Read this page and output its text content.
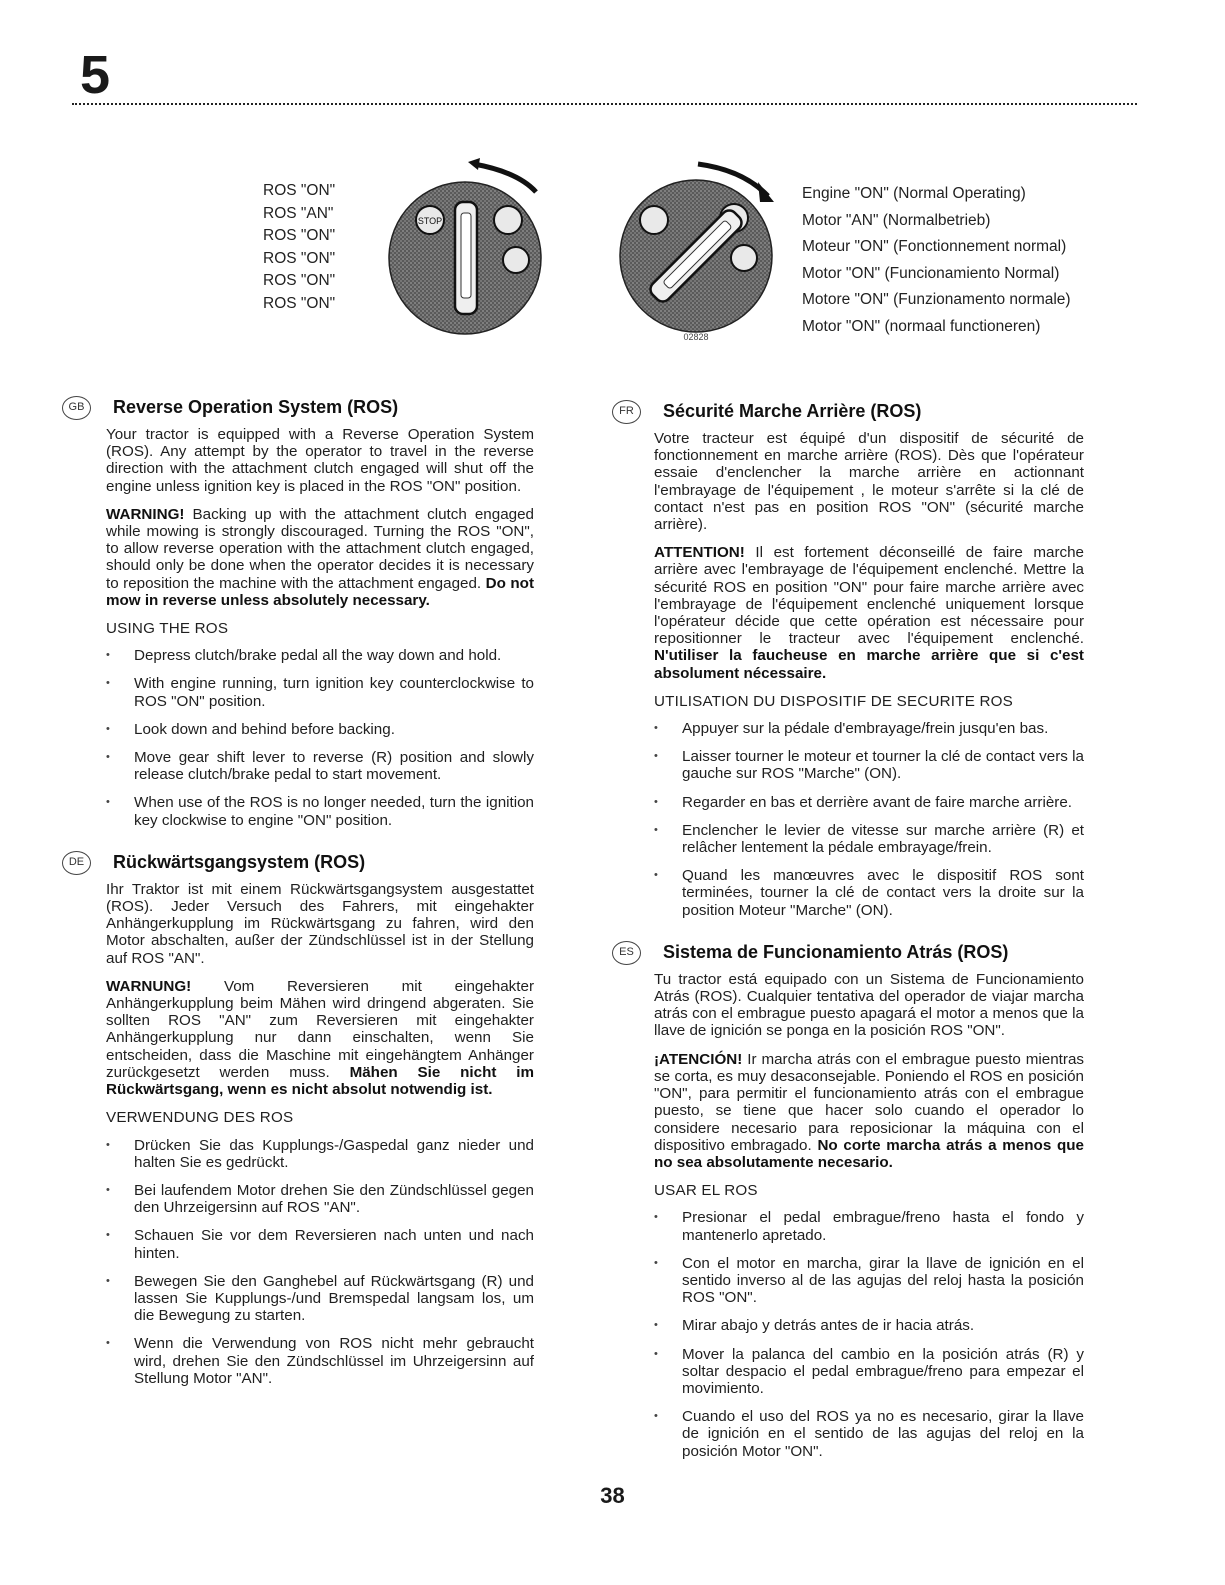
5
ROS "ON"
ROS "AN"
ROS "ON"
ROS "ON"
ROS "ON"
ROS "ON"
STOP
02828
Engine "ON" (Normal Operating)
Motor "AN" (Normalbetrieb)
Moteur "ON" (Fonctionnement normal)
Motor "ON" (Funcionamiento Normal)
Motore "ON" (Funzionamento normale)
Motor "ON" (normaal functioneren)
GB	Reverse Operation System (ROS)

Your tractor is equipped with a Reverse Operation System (ROS). Any attempt by the operator to travel in the reverse direction with the attachment clutch engaged will shut off the engine unless ignition key is placed in the ROS "ON" position.

WARNING! Backing up with the attachment clutch engaged while mowing is strongly discouraged. Turning the ROS "ON", to allow reverse operation with the attachment clutch engaged, should only be done when the operator decides it is necessary to reposition the machine with the attachment engaged. Do not mow in reverse unless absolutely necessary.

USING THE ROS
• Depress clutch/brake pedal all the way down and hold.
• With engine running, turn ignition key counterclockwise to ROS "ON" position.
• Look down and behind before backing.
• Move gear shift lever to reverse (R) position and slowly release clutch/brake pedal to start movement.
• When use of the ROS is no longer needed, turn the ignition key clockwise to engine "ON" position.
DE	Rückwärtsgangsystem (ROS)

Ihr Traktor ist mit einem Rückwärtsgangsystem ausgestattet (ROS). Jeder Versuch des Fahrers, mit eingehakter Anhängerkupplung im Rückwärtsgang zu fahren, wird den Motor abschalten, außer der Zündschlüssel ist in der Stellung auf ROS "AN".

WARNUNG! Vom Reversieren mit eingehakter Anhängerkupplung beim Mähen wird dringend abgeraten. Sie sollten ROS "AN" zum Reversieren mit eingehakter Anhängerkupplung nur dann einschalten, wenn Sie entscheiden, dass die Maschine mit eingehängtem Anhänger zurückgesetzt werden muss. Mähen Sie nicht im Rückwärtsgang, wenn es nicht absolut notwendig ist.

VERWENDUNG DES ROS
• Drücken Sie das Kupplungs-/Gaspedal ganz nieder und halten Sie es gedrückt.
• Bei laufendem Motor drehen Sie den Zündschlüssel gegen den Uhrzeigersinn auf ROS "AN".
• Schauen Sie vor dem Reversieren nach unten und nach hinten.
• Bewegen Sie den Ganghebel auf Rückwärtsgang (R) und lassen Sie Kupplungs-/und Bremspedal langsam los, um die Bewegung zu starten.
• Wenn die Verwendung von ROS nicht mehr gebraucht wird, drehen Sie den Zündschlüssel im Uhrzeigersinn auf Stellung Motor "AN".
FR	Sécurité Marche Arrière (ROS)

Votre tracteur est équipé d'un dispositif de sécurité de fonctionnement en marche arrière (ROS). Dès que l'opérateur essaie d'enclencher la marche arrière en actionnant l'embrayage de l'équipement , le moteur s'arrête si la clé de contact n'est pas en position ROS "ON" (sécurité marche arrière).

ATTENTION! Il est fortement déconseillé de faire marche arrière avec l'embrayage de l'équipement enclenché. Mettre la sécurité ROS en position "ON" pour faire marche arrière avec l'embrayage de l'équipement enclenché uniquement lorsque l'opérateur décide que cette opération est nécessaire pour repositionner le tracteur avec l'équipement enclenché. N'utiliser la faucheuse en marche arrière que si c'est absolument nécessaire.

UTILISATION DU DISPOSITIF DE SECURITE ROS
• Appuyer sur la pédale d'embrayage/frein jusqu'en bas.
• Laisser tourner le moteur et tourner la clé de contact vers la gauche sur ROS "Marche" (ON).
• Regarder en bas et derrière avant de faire marche arrière.
• Enclencher le levier de vitesse sur marche arrière (R) et relâcher lentement la pédale embrayage/frein.
• Quand les manœuvres avec le dispositif ROS sont terminées, tourner la clé de contact vers la droite sur la position Moteur "Marche" (ON).
ES	Sistema de Funcionamiento Atrás (ROS)

Tu tractor está equipado con un Sistema de Funcionamiento Atrás (ROS). Cualquier tentativa del operador de viajar marcha atrás con el embrague puesto apagará el motor a menos que la llave de ignición se ponga en la posición ROS "ON".

¡ATENCIÓN! Ir marcha atrás con el embrague puesto mientras se corta, es muy desaconsejable. Poniendo el ROS en posición "ON", para permitir el funcionamiento atrás con el embrague puesto, se tiene que hacer solo cuando el operador lo considere necesario para reposicionar la máquina con el dispositivo embragado. No corte marcha atrás a menos que no sea absolutamente necesario.

USAR EL ROS
• Presionar el pedal embrague/freno hasta el fondo y mantenerlo apretado.
• Con el motor en marcha, girar la llave de ignición en el sentido inverso al de las agujas del reloj hasta la posición ROS "ON".
• Mirar abajo y detrás antes de ir hacia atrás.
• Mover la palanca del cambio en la posición atrás (R) y soltar despacio el pedal embrague/freno para empezar el movimiento.
• Cuando el uso del ROS ya no es necesario, girar la llave de ignición en el sentido de las agujas del reloj en la posición Motor "ON".
38
